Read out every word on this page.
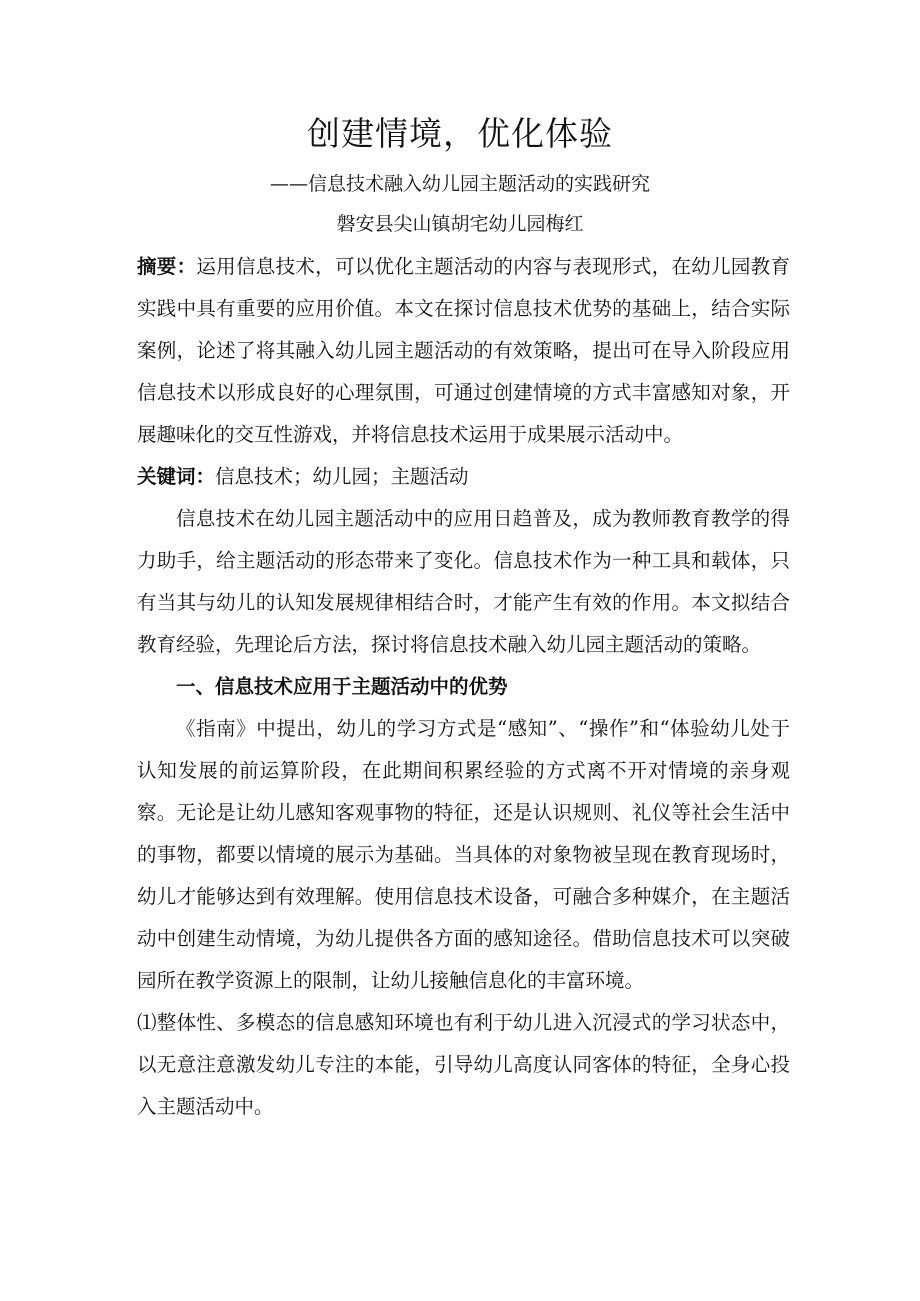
创建情境，优化体验
——信息技术融入幼儿园主题活动的实践研究
磐安县尖山镇胡宅幼儿园梅红

摘要：运用信息技术，可以优化主题活动的内容与表现形式，在幼儿园教育实践中具有重要的应用价值。本文在探讨信息技术优势的基础上，结合实际案例，论述了将其融入幼儿园主题活动的有效策略，提出可在导入阶段应用信息技术以形成良好的心理氛围，可通过创建情境的方式丰富感知对象，开展趣味化的交互性游戏，并将信息技术运用于成果展示活动中。

关键词：信息技术；幼儿园；主题活动

信息技术在幼儿园主题活动中的应用日趋普及，成为教师教育教学的得力助手，给主题活动的形态带来了变化。信息技术作为一种工具和载体，只有当其与幼儿的认知发展规律相结合时，才能产生有效的作用。本文拟结合教育经验，先理论后方法，探讨将信息技术融入幼儿园主题活动的策略。

一、信息技术应用于主题活动中的优势

《指南》中提出，幼儿的学习方式是“感知”、“操作”和“体验幼儿处于认知发展的前运算阶段，在此期间积累经验的方式离不开对情境的亲身观察。无论是让幼儿感知客观事物的特征，还是认识规则、礼仪等社会生活中的事物，都要以情境的展示为基础。当具体的对象物被呈现在教育现场时，幼儿才能够达到有效理解。使用信息技术设备，可融合多种媒介，在主题活动中创建生动情境，为幼儿提供各方面的感知途径。借助信息技术可以突破园所在教学资源上的限制，让幼儿接触信息化的丰富环境。

⑴整体性、多模态的信息感知环境也有利于幼儿进入沉浸式的学习状态中，以无意注意激发幼儿专注的本能，引导幼儿高度认同客体的特征，全身心投入主题活动中。
